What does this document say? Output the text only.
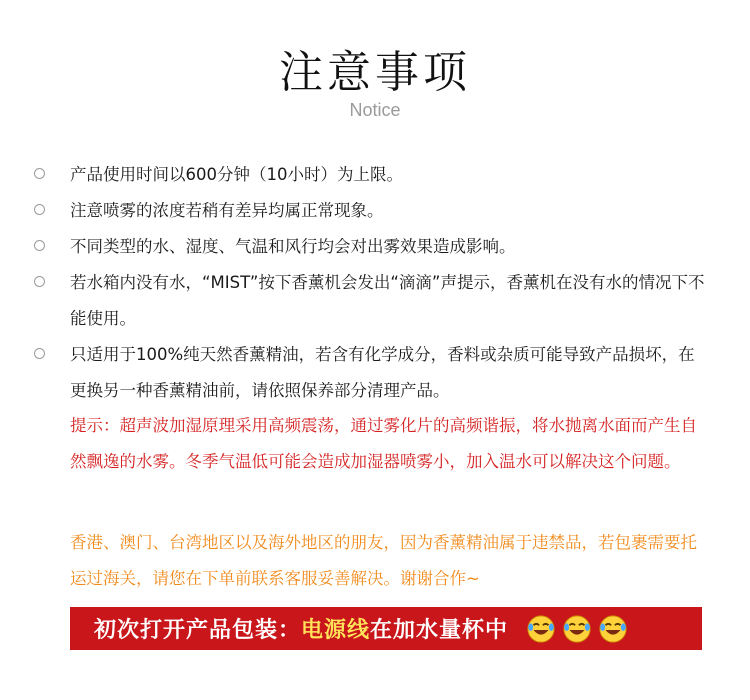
注意事项
Notice
产品使用时间以600分钟（10小时）为上限。
注意喷雾的浓度若稍有差异均属正常现象。
不同类型的水、湿度、气温和风行均会对出雾效果造成影响。
若水箱内没有水，“MIST”按下香薰机会发出“滴滴”声提示，香薰机在没有水的情况下不能使用。
只适用于100%纯天然香薰精油，若含有化学成分，香料或杂质可能导致产品损坏，在更换另一种香薰精油前，请依照保养部分清理产品。
提示：超声波加湿原理采用高频震荡，通过雾化片的高频谐振，将水抛离水面而产生自然飘逸的水雾。冬季气温低可能会造成加湿器喷雾小，加入温水可以解决这个问题。
香港、澳门、台湾地区以及海外地区的朋友，因为香薰精油属于违禁品，若包裹需要托运过海关，请您在下单前联系客服妥善解决。谢谢合作~
初次打开产品包装： 电源线 在加水量杯中
